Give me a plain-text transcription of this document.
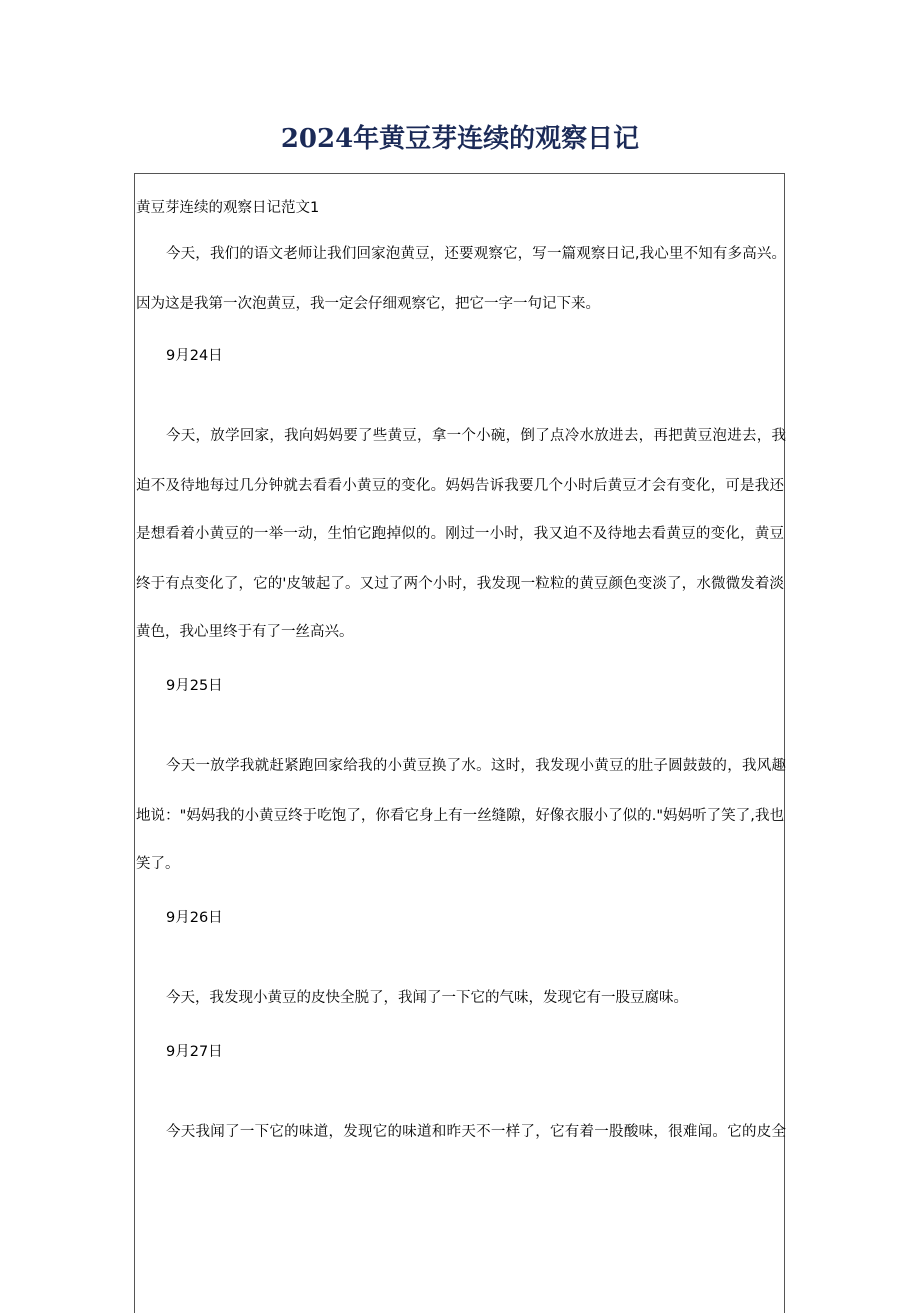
2024年黄豆芽连续的观察日记
黄豆芽连续的观察日记范文1
今天，我们的语文老师让我们回家泡黄豆，还要观察它，写一篇观察日记,我心里不知有多高兴。
因为这是我第一次泡黄豆，我一定会仔细观察它，把它一字一句记下来。
9月24日
今天，放学回家，我向妈妈要了些黄豆，拿一个小碗，倒了点冷水放进去，再把黄豆泡进去，我
迫不及待地每过几分钟就去看看小黄豆的变化。妈妈告诉我要几个小时后黄豆才会有变化，可是我还
是想看着小黄豆的一举一动，生怕它跑掉似的。刚过一小时，我又迫不及待地去看黄豆的变化，黄豆
终于有点变化了，它的'皮皱起了。又过了两个小时，我发现一粒粒的黄豆颜色变淡了，水微微发着淡
黄色，我心里终于有了一丝高兴。
9月25日
今天一放学我就赶紧跑回家给我的小黄豆换了水。这时，我发现小黄豆的肚子圆鼓鼓的，我风趣
地说："妈妈我的小黄豆终于吃饱了，你看它身上有一丝缝隙，好像衣服小了似的."妈妈听了笑了,我也
笑了。
9月26日
今天，我发现小黄豆的皮快全脱了，我闻了一下它的气味，发现它有一股豆腐味。
9月27日
今天我闻了一下它的味道，发现它的味道和昨天不一样了，它有着一股酸味，很难闻。它的皮全
